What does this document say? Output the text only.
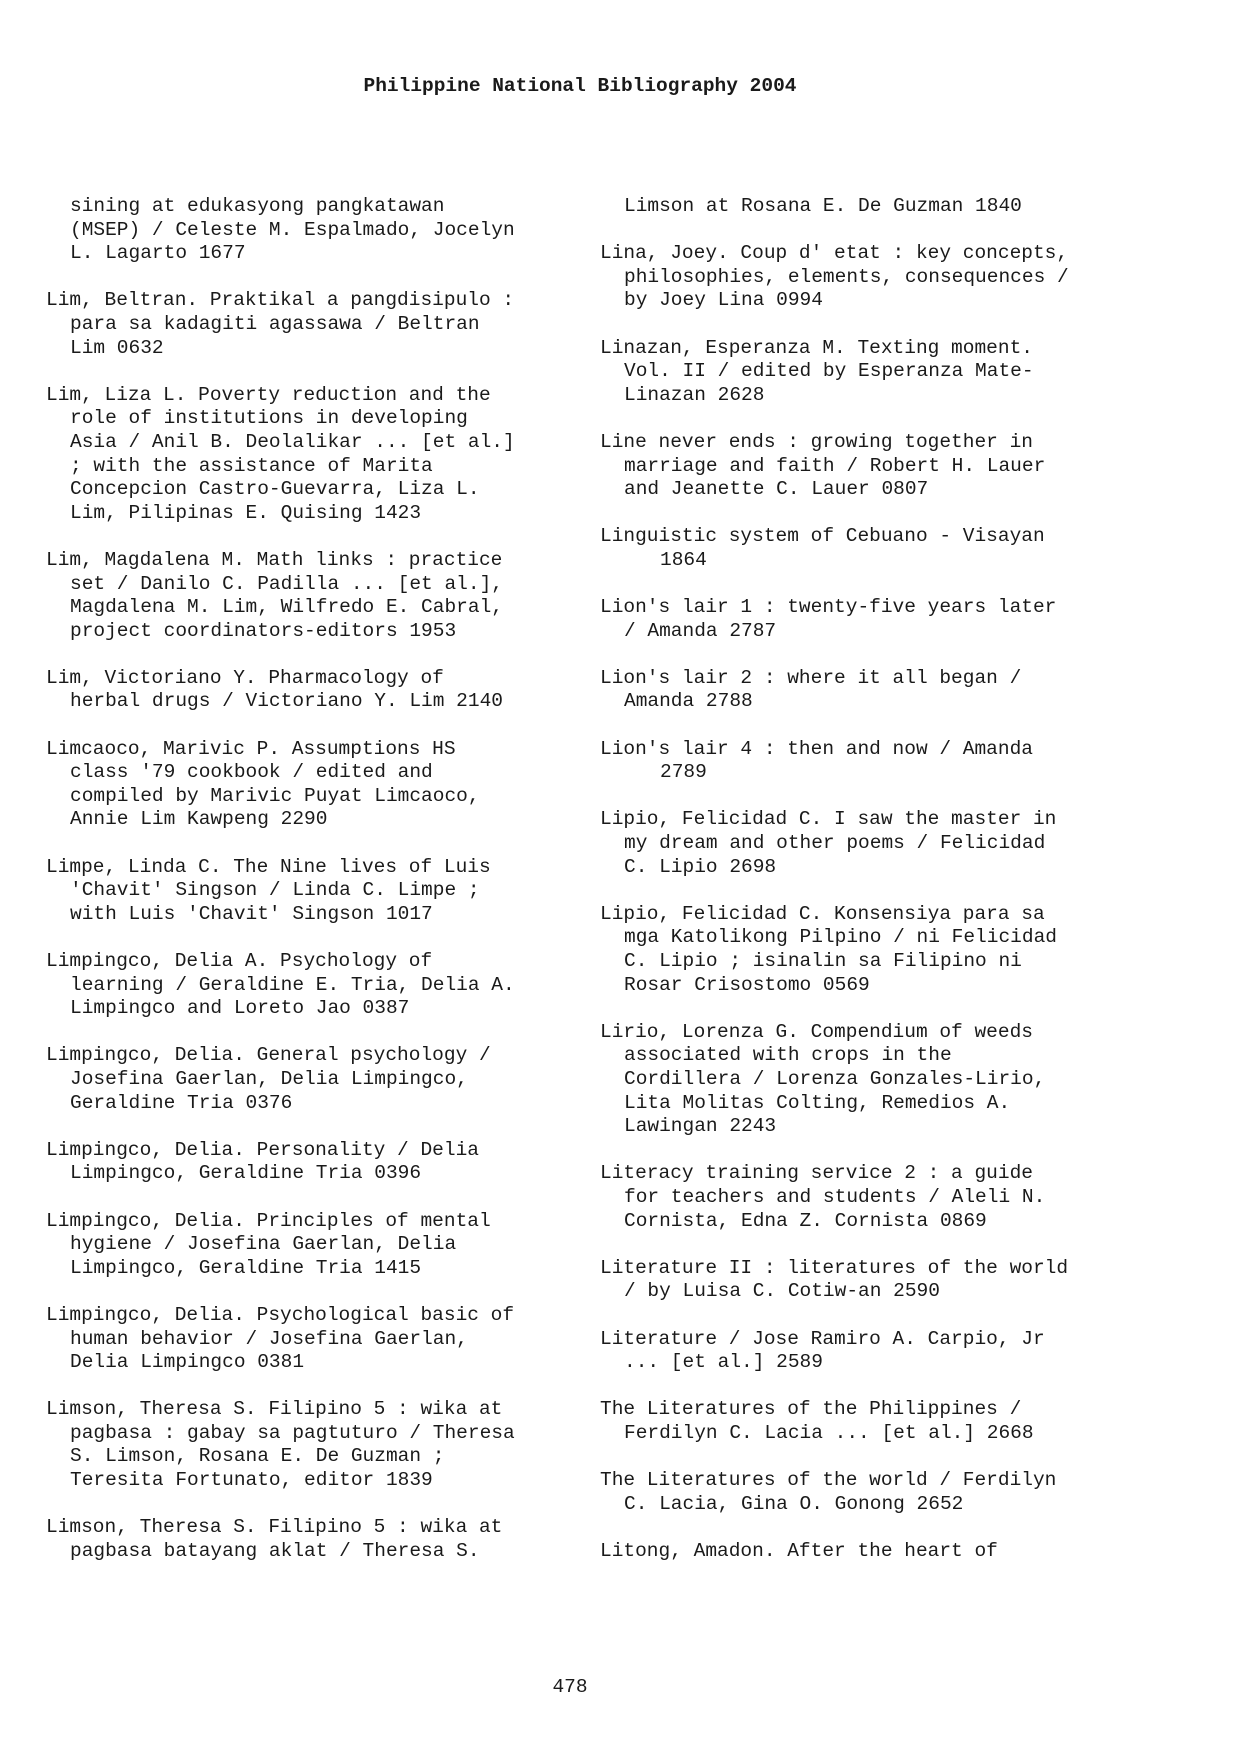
Philippine National Bibliography 2004
sining at edukasyong pangkatawan
(MSEP) / Celeste M. Espalmado, Jocelyn
L. Lagarto 1677
Lim, Beltran. Praktikal a pangdisipulo :
para sa kadagiti agassawa / Beltran
Lim 0632
Lim, Liza L. Poverty reduction and the
role of institutions in developing
Asia / Anil B. Deolalikar ... [et al.]
; with the assistance of Marita
Concepcion Castro-Guevarra, Liza L.
Lim, Pilipinas E. Quising 1423
Lim, Magdalena M. Math links : practice
set / Danilo C. Padilla ... [et al.],
Magdalena M. Lim, Wilfredo E. Cabral,
project coordinators-editors 1953
Lim, Victoriano Y. Pharmacology of
herbal drugs / Victoriano Y. Lim 2140
Limcaoco, Marivic P. Assumptions HS
class '79 cookbook / edited and
compiled by Marivic Puyat Limcaoco,
Annie Lim Kawpeng 2290
Limpe, Linda C. The Nine lives of Luis
'Chavit' Singson / Linda C. Limpe ;
with Luis 'Chavit' Singson 1017
Limpingco, Delia A. Psychology of
learning / Geraldine E. Tria, Delia A.
Limpingco and Loreto Jao 0387
Limpingco, Delia. General psychology /
Josefina Gaerlan, Delia Limpingco,
Geraldine Tria 0376
Limpingco, Delia. Personality / Delia
Limpingco, Geraldine Tria 0396
Limpingco, Delia. Principles of mental
hygiene / Josefina Gaerlan, Delia
Limpingco, Geraldine Tria 1415
Limpingco, Delia. Psychological basic of
human behavior / Josefina Gaerlan,
Delia Limpingco 0381
Limson, Theresa S. Filipino 5 : wika at
pagbasa : gabay sa pagtuturo / Theresa
S. Limson, Rosana E. De Guzman ;
Teresita Fortunato, editor 1839
Limson, Theresa S. Filipino 5 : wika at
pagbasa batayang aklat / Theresa S.
Limson at Rosana E. De Guzman 1840
Lina, Joey. Coup d' etat : key concepts,
philosophies, elements, consequences /
by Joey Lina 0994
Linazan, Esperanza M. Texting moment.
Vol. II / edited by Esperanza Mate-
Linazan 2628
Line never ends : growing together in
marriage and faith / Robert H. Lauer
and Jeanette C. Lauer 0807
Linguistic system of Cebuano - Visayan
1864
Lion's lair 1 : twenty-five years later
/ Amanda 2787
Lion's lair 2 : where it all began /
Amanda 2788
Lion's lair 4 : then and now / Amanda
2789
Lipio, Felicidad C. I saw the master in
my dream and other poems / Felicidad
C. Lipio 2698
Lipio, Felicidad C. Konsensiya para sa
mga Katolikong Pilpino / ni Felicidad
C. Lipio ; isinalin sa Filipino ni
Rosar Crisostomo 0569
Lirio, Lorenza G. Compendium of weeds
associated with crops in the
Cordillera / Lorenza Gonzales-Lirio,
Lita Molitas Colting, Remedios A.
Lawingan 2243
Literacy training service 2 : a guide
for teachers and students / Aleli N.
Cornista, Edna Z. Cornista 0869
Literature II : literatures of the world
/ by Luisa C. Cotiw-an 2590
Literature / Jose Ramiro A. Carpio, Jr
... [et al.] 2589
The Literatures of the Philippines /
Ferdilyn C. Lacia ... [et al.] 2668
The Literatures of the world / Ferdilyn
C. Lacia, Gina O. Gonong 2652
Litong, Amadon. After the heart of
478
